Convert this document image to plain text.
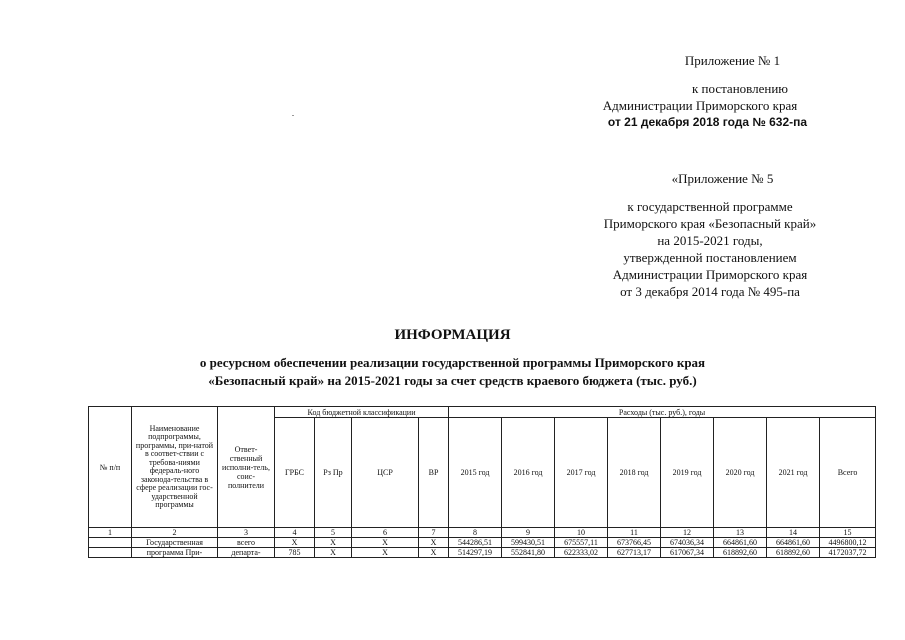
Приложение № 1
к постановлению
Администрации Приморского края
от 21 декабря 2018 года № 632-па
«Приложение № 5
к государственной программе
Приморского края «Безопасный край»
на 2015-2021 годы,
утвержденной постановлением
Администрации Приморского края
от 3 декабря 2014 года № 495-па
ИНФОРМАЦИЯ
о ресурсном обеспечении реализации государственной программы Приморского края
«Безопасный край» на 2015-2021 годы за счет средств краевого бюджета (тыс. руб.)
№ п/п	Наименование подпрограммы, программы, при-натой в соответ-ствии с требова-ниями федераль-ного законода-тельства в сфере реализации гос-ударственной программы	Ответ-ственный исполни-тель, соис-полнители	Код бюджетной классификации				Расходы (тыс. руб.), годы							
			ГРБС	Рз Пр	ЦСР	ВР	2015 год	2016 год	2017 год	2018 год	2019 год	2020 год	2021 год	Всего
1	2	3	4	5	6	7	8	9	10	11	12	13	14	15
	Государственная	всего	X	X	X	X	544286,51	599430,51	675557,11	673766,45	674036,34	664861,60	664861,60	4496800,12
	программа При-	департа-	785	X	X	X	514297,19	552841,80	622333,02	627713,17	617067,34	618892,60	618892,60	4172037,72
